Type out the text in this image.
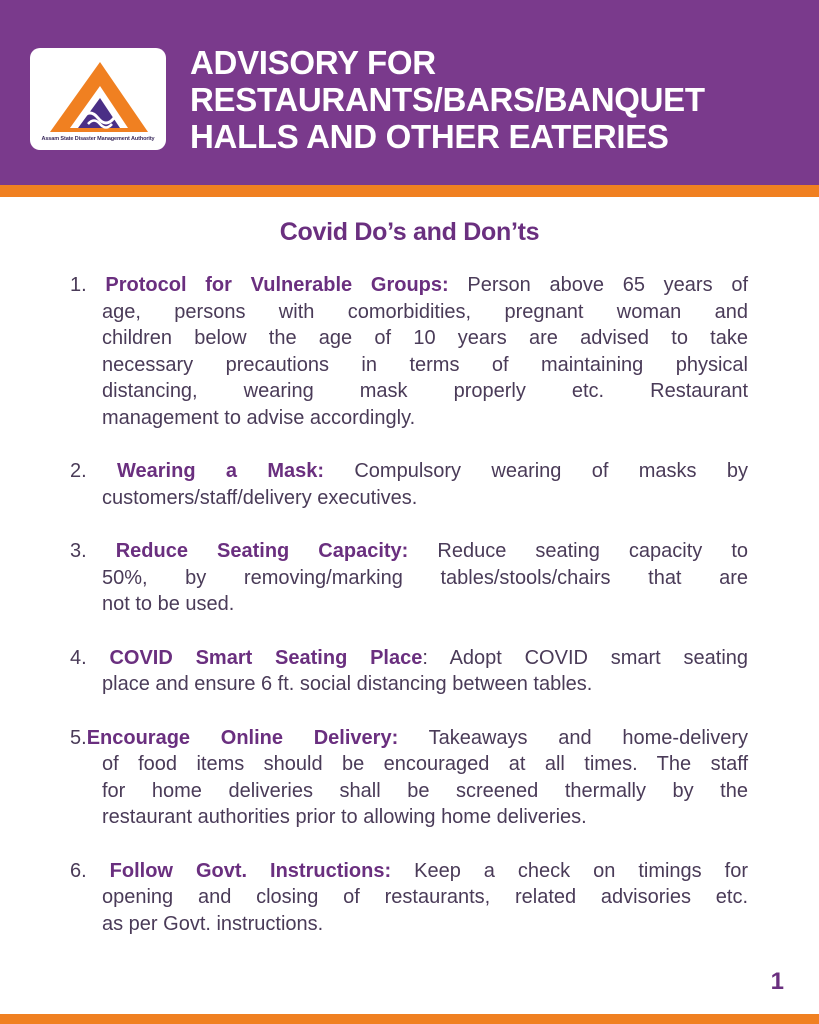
Assam State Disaster Management Authority
ADVISORY FOR
RESTAURANTS/BARS/BANQUET
HALLS AND OTHER EATERIES
Covid Do’s and Don’ts
1. Protocol for Vulnerable Groups: Person above 65 years of
age, persons with comorbidities, pregnant woman and
children below the age of 10 years are advised to take
necessary precautions in terms of maintaining physical
distancing, wearing mask properly etc. Restaurant
management to advise accordingly.
2. Wearing a Mask: Compulsory wearing of masks by
customers/staff/delivery executives.
3. Reduce Seating Capacity: Reduce seating capacity to
50%, by removing/marking tables/stools/chairs that are
not to be used.
4. COVID Smart Seating Place: Adopt COVID smart seating
place and ensure 6 ft. social distancing between tables.
5.Encourage Online Delivery: Takeaways and home-delivery
of food items should be encouraged at all times. The staff
for home deliveries shall be screened thermally by the
restaurant authorities prior to allowing home deliveries.
6. Follow Govt. Instructions: Keep a check on timings for
opening and closing of restaurants, related advisories etc.
as per Govt. instructions.
1
